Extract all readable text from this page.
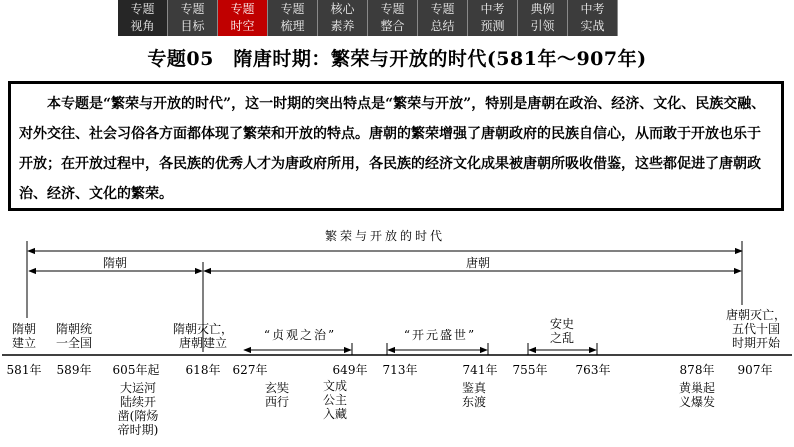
专题
视角
专题
目标
专题
时空
专题
梳理
核心
素养
专题
整合
专题
总结
中考
预测
典例
引领
中考
实战
专题05　隋唐时期：繁荣与开放的时代(581年～907年)
本专题是“繁荣与开放的时代”，这一时期的突出特点是“繁荣与开放”，特别是唐朝在政治、经济、文化、民族交融、对外交往、社会习俗各方面都体现了繁荣和开放的特点。唐朝的繁荣增强了唐朝政府的民族自信心，从而敢于开放也乐于开放；在开放过程中，各民族的优秀人才为唐政府所用，各民族的经济文化成果被唐朝所吸收借鉴，这些都促进了唐朝政治、经济、文化的繁荣。
繁荣与开放的时代
隋朝	唐朝
“贞观之治”	“开元盛世”
安史
之乱
581年 589年 605年起 618年 627年	649年 713年	741年 755年 763年	878年 907年
隋朝
建立
隋朝统
一全国
隋朝灭亡，
唐朝建立
唐朝灭亡，
五代十国
时期开始
大运河
陆续开
凿(隋炀
帝时期)
玄奘
西行
文成
公主
入藏
鉴真
东渡
黄巢起
义爆发
